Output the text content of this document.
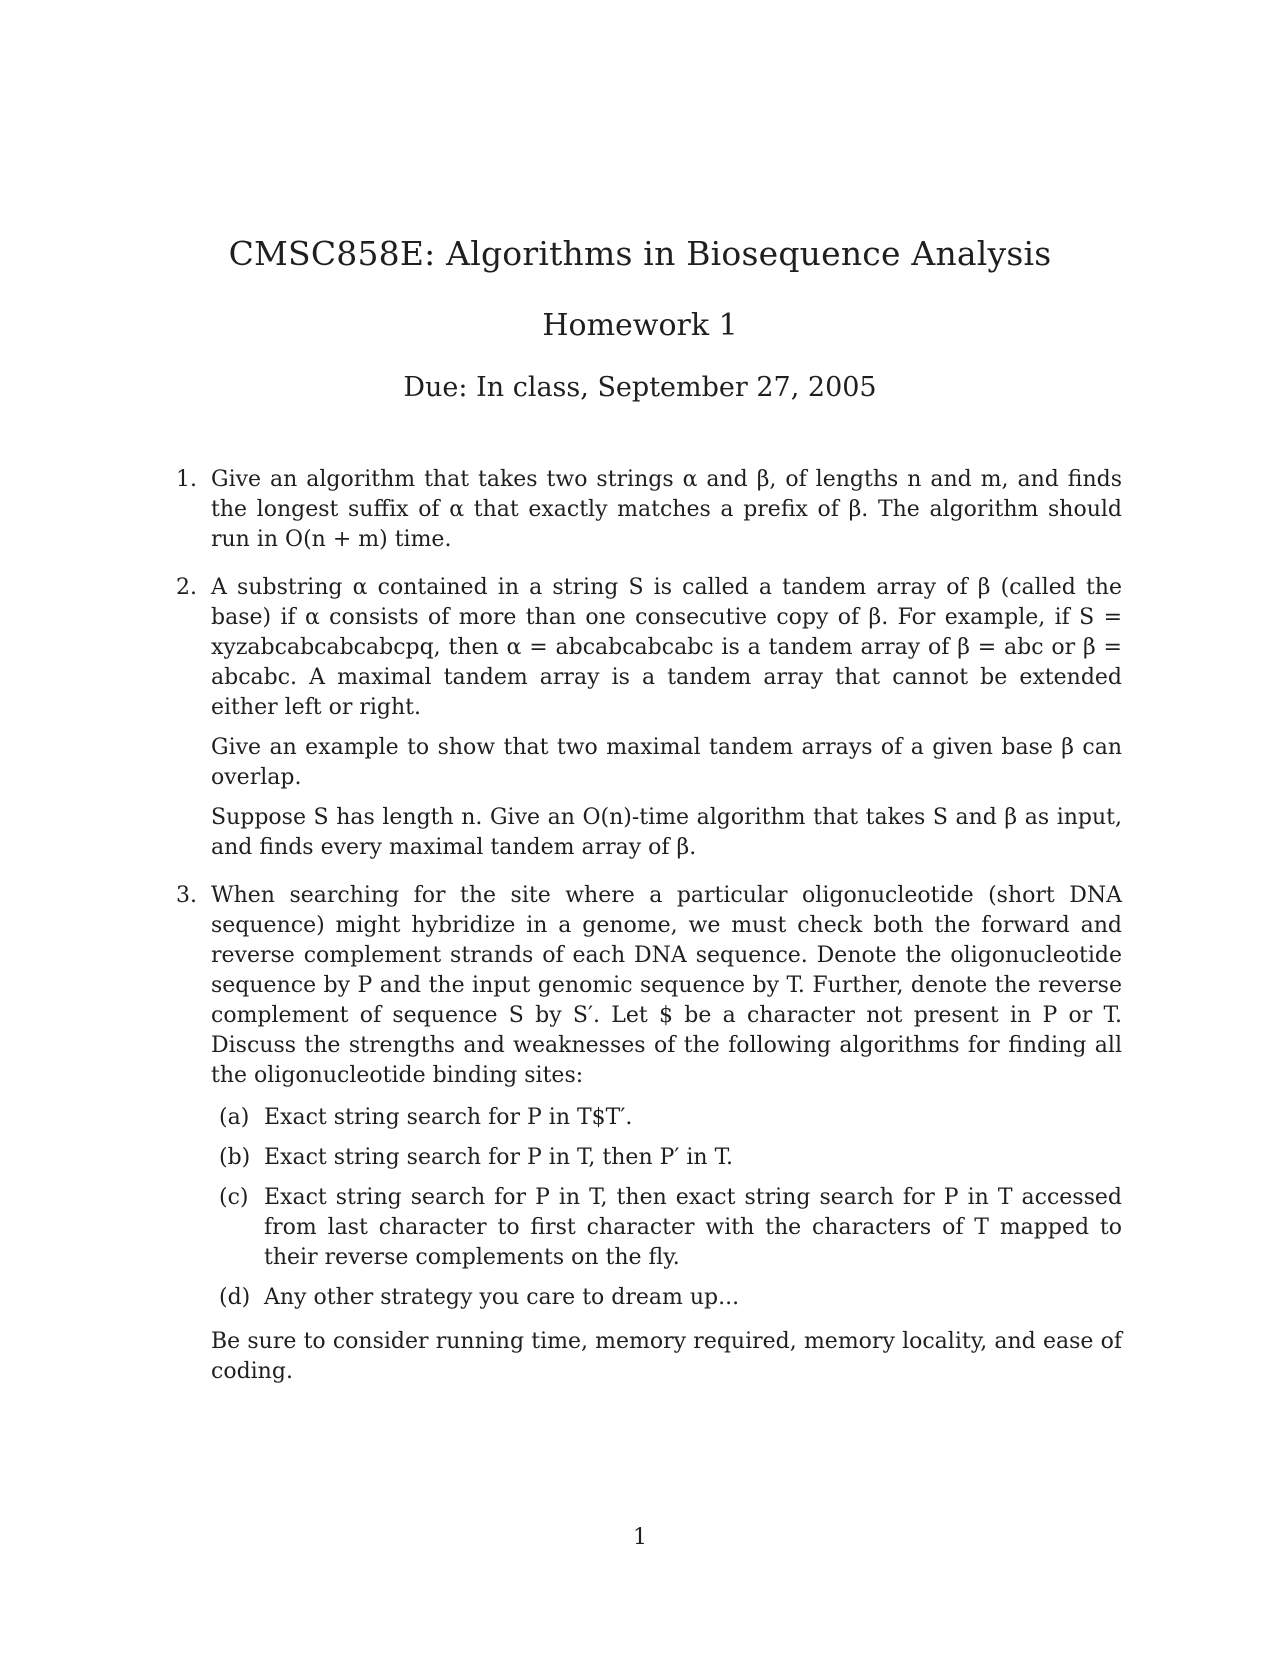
CMSC858E: Algorithms in Biosequence Analysis
Homework 1
Due: In class, September 27, 2005
1. Give an algorithm that takes two strings α and β, of lengths n and m, and finds the longest suffix of α that exactly matches a prefix of β. The algorithm should run in O(n + m) time.

2. A substring α contained in a string S is called a tandem array of β (called the base) if α consists of more than one consecutive copy of β. For example, if S = xyzabcabcabcabcpq, then α = abcabcabcabc is a tandem array of β = abc or β = abcabc. A maximal tandem array is a tandem array that cannot be extended either left or right.

Give an example to show that two maximal tandem arrays of a given base β can overlap.

Suppose S has length n. Give an O(n)-time algorithm that takes S and β as input, and finds every maximal tandem array of β.

3. When searching for the site where a particular oligonucleotide (short DNA sequence) might hybridize in a genome, we must check both the forward and reverse complement strands of each DNA sequence. Denote the oligonucleotide sequence by P and the input genomic sequence by T. Further, denote the reverse complement of sequence S by S′. Let $ be a character not present in P or T. Discuss the strengths and weaknesses of the following algorithms for finding all the oligonucleotide binding sites:

(a) Exact string search for P in T$T′.
(b) Exact string search for P in T, then P′ in T.
(c) Exact string search for P in T, then exact string search for P in T accessed from last character to first character with the characters of T mapped to their reverse complements on the fly.
(d) Any other strategy you care to dream up...

Be sure to consider running time, memory required, memory locality, and ease of coding.

1
